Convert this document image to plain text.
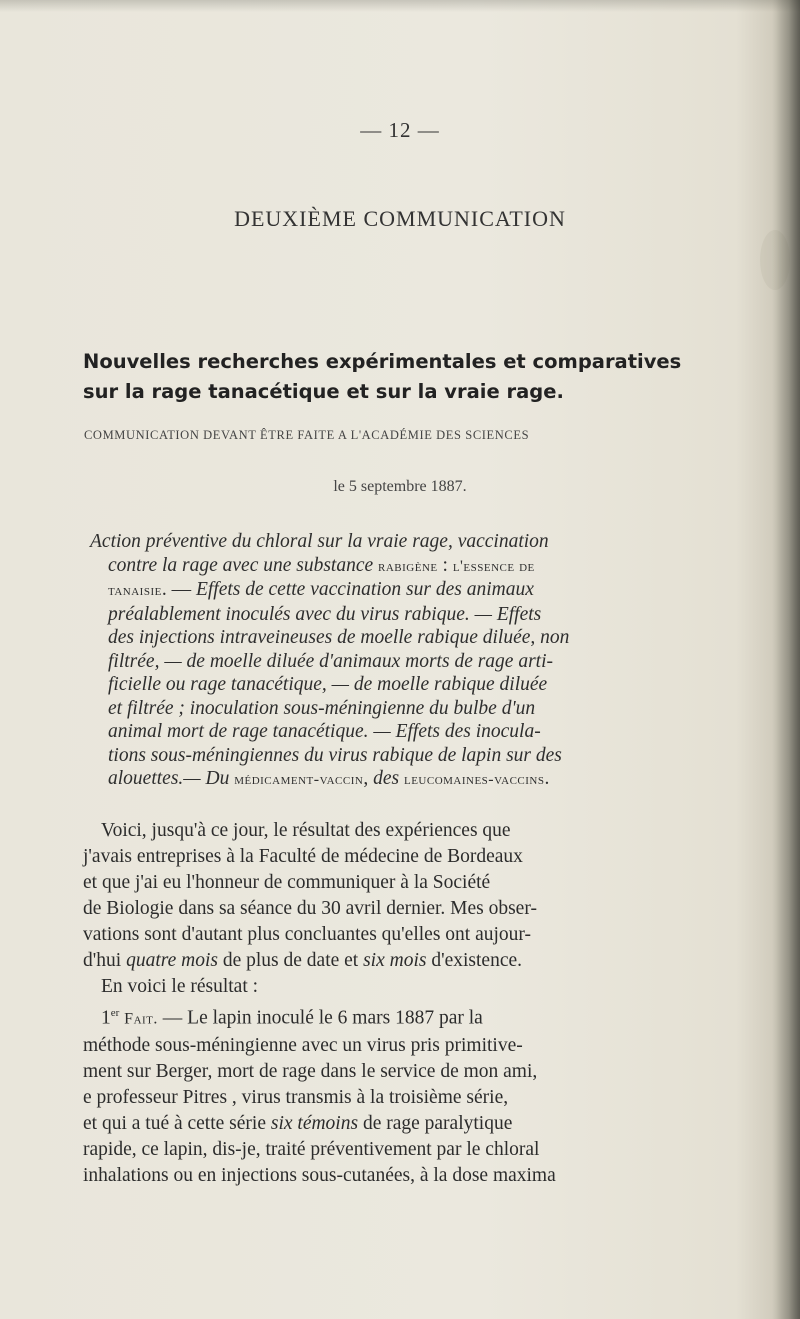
— 12 —
DEUXIÈME COMMUNICATION
Nouvelles recherches expérimentales et comparatives sur la rage tanacétique et sur la vraie rage.
COMMUNICATION DEVANT ÊTRE FAITE A L'ACADÉMIE DES SCIENCES
le 5 septembre 1887.
Action préventive du chloral sur la vraie rage, vaccination
contre la rage avec une substance rabigène : l'essence de
tanaisie. — Effets de cette vaccination sur des animaux
préalablement inoculés avec du virus rabique. — Effets
des injections intraveineuses de moelle rabique diluée, non
filtrée, — de moelle diluée d'animaux morts de rage arti-
ficielle ou rage tanacétique, — de moelle rabique diluée
et filtrée ; inoculation sous-méningienne du bulbe d'un
animal mort de rage tanacétique. — Effets des inocula-
tions sous-méningiennes du virus rabique de lapin sur des
alouettes.— Du médicament-vaccin, des leucomaines-vaccins.
Voici, jusqu'à ce jour, le résultat des expériences que
j'avais entreprises à la Faculté de médecine de Bordeaux
et que j'ai eu l'honneur de communiquer à la Société
de Biologie dans sa séance du 30 avril dernier. Mes obser-
vations sont d'autant plus concluantes qu'elles ont aujour-
d'hui quatre mois de plus de date et six mois d'existence.
En voici le résultat :
1er Fait. — Le lapin inoculé le 6 mars 1887 par la
méthode sous-méningienne avec un virus pris primitive-
ment sur Berger, mort de rage dans le service de mon ami,
e professeur Pitres , virus transmis à la troisième série,
et qui a tué à cette série six témoins de rage paralytique
rapide, ce lapin, dis-je, traité préventivement par le chloral
inhalations ou en injections sous-cutanées, à la dose maxima
